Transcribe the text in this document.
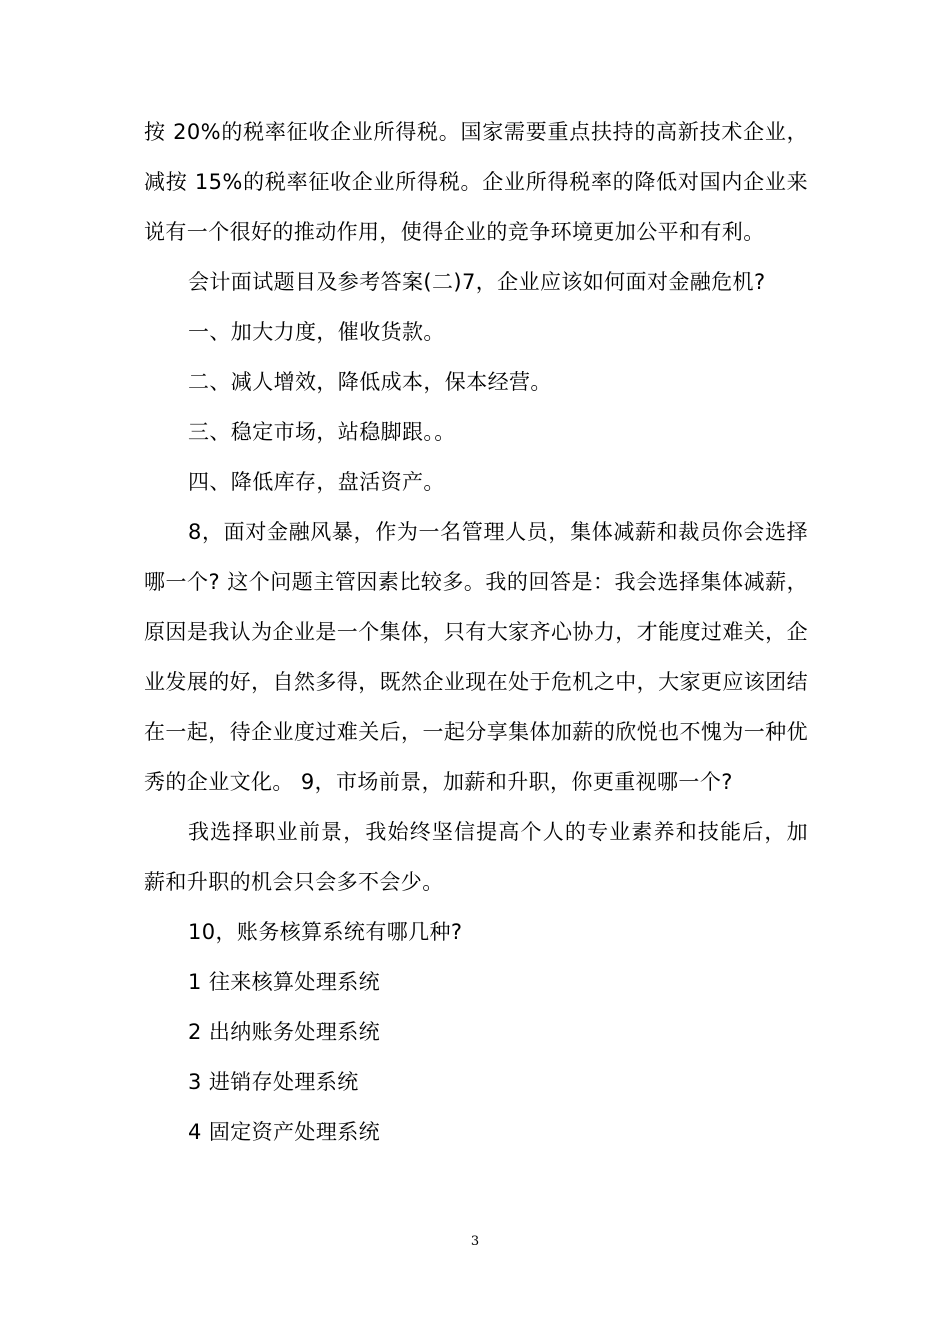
按 20%的税率征收企业所得税。国家需要重点扶持的高新技术企业，减按 15%的税率征收企业所得税。企业所得税率的降低对国内企业来说有一个很好的推动作用，使得企业的竞争环境更加公平和有利。

会计面试题目及参考答案(二)7，企业应该如何面对金融危机?

一、加大力度，催收货款。

二、减人增效，降低成本，保本经营。

三、稳定市场，站稳脚跟。。

四、降低库存，盘活资产。

8，面对金融风暴，作为一名管理人员，集体减薪和裁员你会选择哪一个? 这个问题主管因素比较多。我的回答是：我会选择集体减薪，原因是我认为企业是一个集体，只有大家齐心协力，才能度过难关，企业发展的好，自然多得，既然企业现在处于危机之中，大家更应该团结在一起，待企业度过难关后，一起分享集体加薪的欣悦也不愧为一种优秀的企业文化。 9，市场前景，加薪和升职，你更重视哪一个?

我选择职业前景，我始终坚信提高个人的专业素养和技能后，加薪和升职的机会只会多不会少。

10，账务核算系统有哪几种?

1 往来核算处理系统

2 出纳账务处理系统

3 进销存处理系统

4 固定资产处理系统

3
